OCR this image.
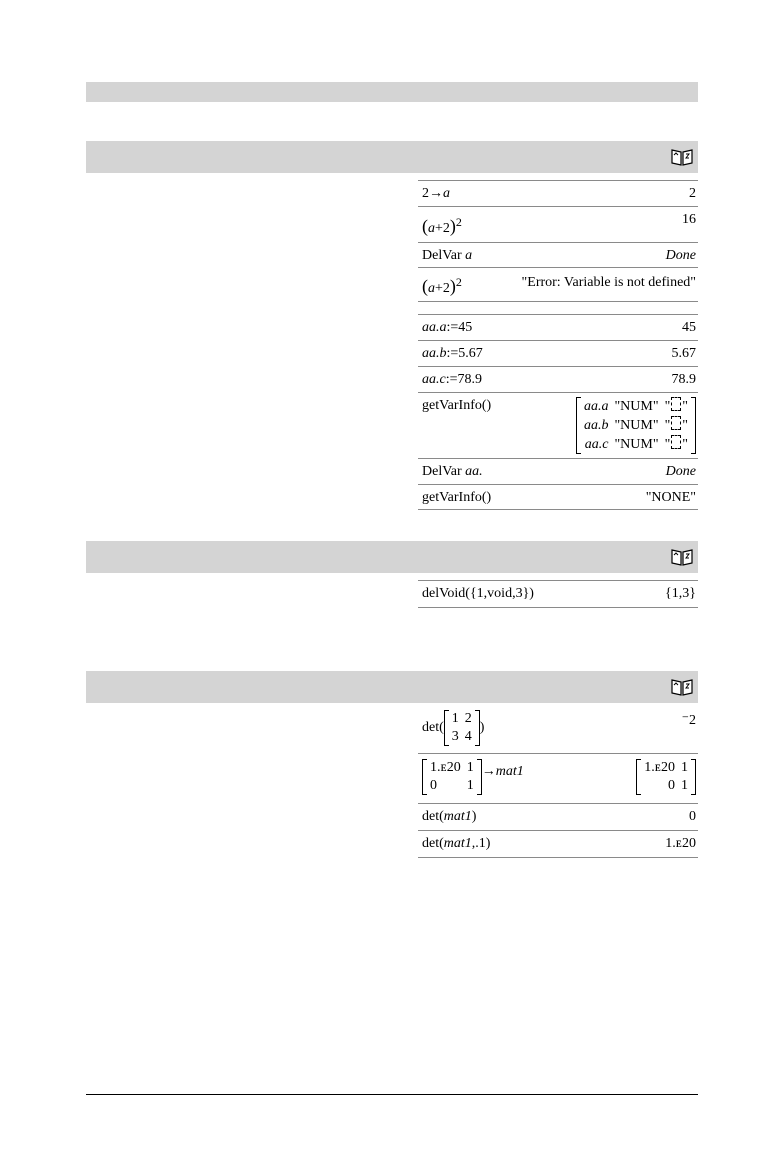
2→a	2
(a+2)2	16
DelVar a	Done
(a+2)2	"Error: Variable is not defined"
aa.a:=45	45
aa.b:=5.67	5.67
aa.c:=78.9	78.9
getVarInfo()	aa.a	"NUM"	" "
aa.b	"NUM"	" "
aa.c	"NUM"	" "
DelVar aa.	Done
getVarInfo()	"NONE"
delVoid({1,void,3})	{1,3}
det(
1	2
3	4
)	⁻2
1.ᴇ20	1
0	1
→mat1	1.ᴇ20	1
0	1
det(mat1)	0
det(mat1,.1)	1.ᴇ20
